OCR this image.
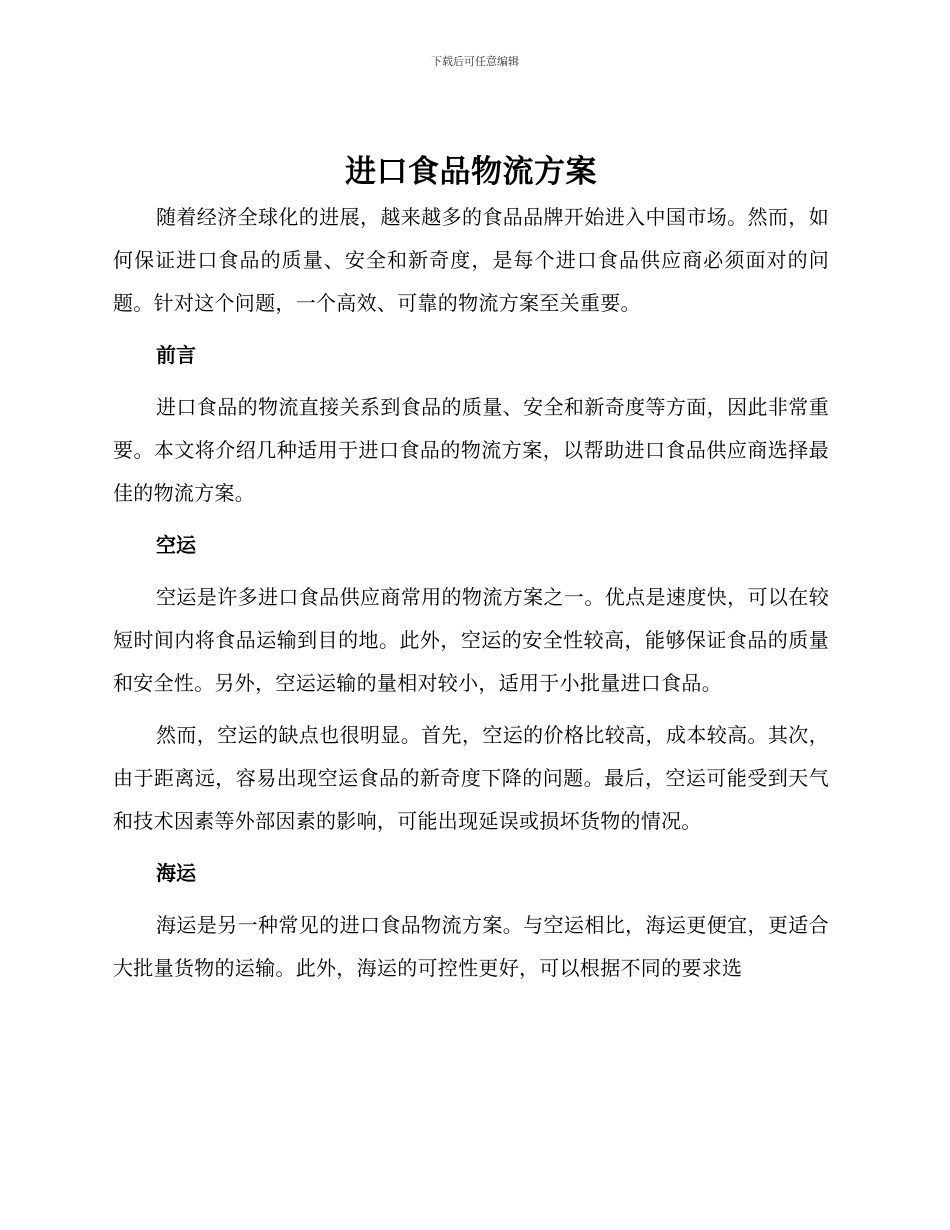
下载后可任意编辑
进口食品物流方案

随着经济全球化的进展，越来越多的食品品牌开始进入中国市场。然而，如何保证进口食品的质量、安全和新奇度，是每个进口食品供应商必须面对的问题。针对这个问题，一个高效、可靠的物流方案至关重要。

前言

进口食品的物流直接关系到食品的质量、安全和新奇度等方面，因此非常重要。本文将介绍几种适用于进口食品的物流方案，以帮助进口食品供应商选择最佳的物流方案。

空运

空运是许多进口食品供应商常用的物流方案之一。优点是速度快，可以在较短时间内将食品运输到目的地。此外，空运的安全性较高，能够保证食品的质量和安全性。另外，空运运输的量相对较小，适用于小批量进口食品。

然而，空运的缺点也很明显。首先，空运的价格比较高，成本较高。其次，由于距离远，容易出现空运食品的新奇度下降的问题。最后，空运可能受到天气和技术因素等外部因素的影响，可能出现延误或损坏货物的情况。

海运

海运是另一种常见的进口食品物流方案。与空运相比，海运更便宜，更适合大批量货物的运输。此外，海运的可控性更好，可以根据不同的要求选
